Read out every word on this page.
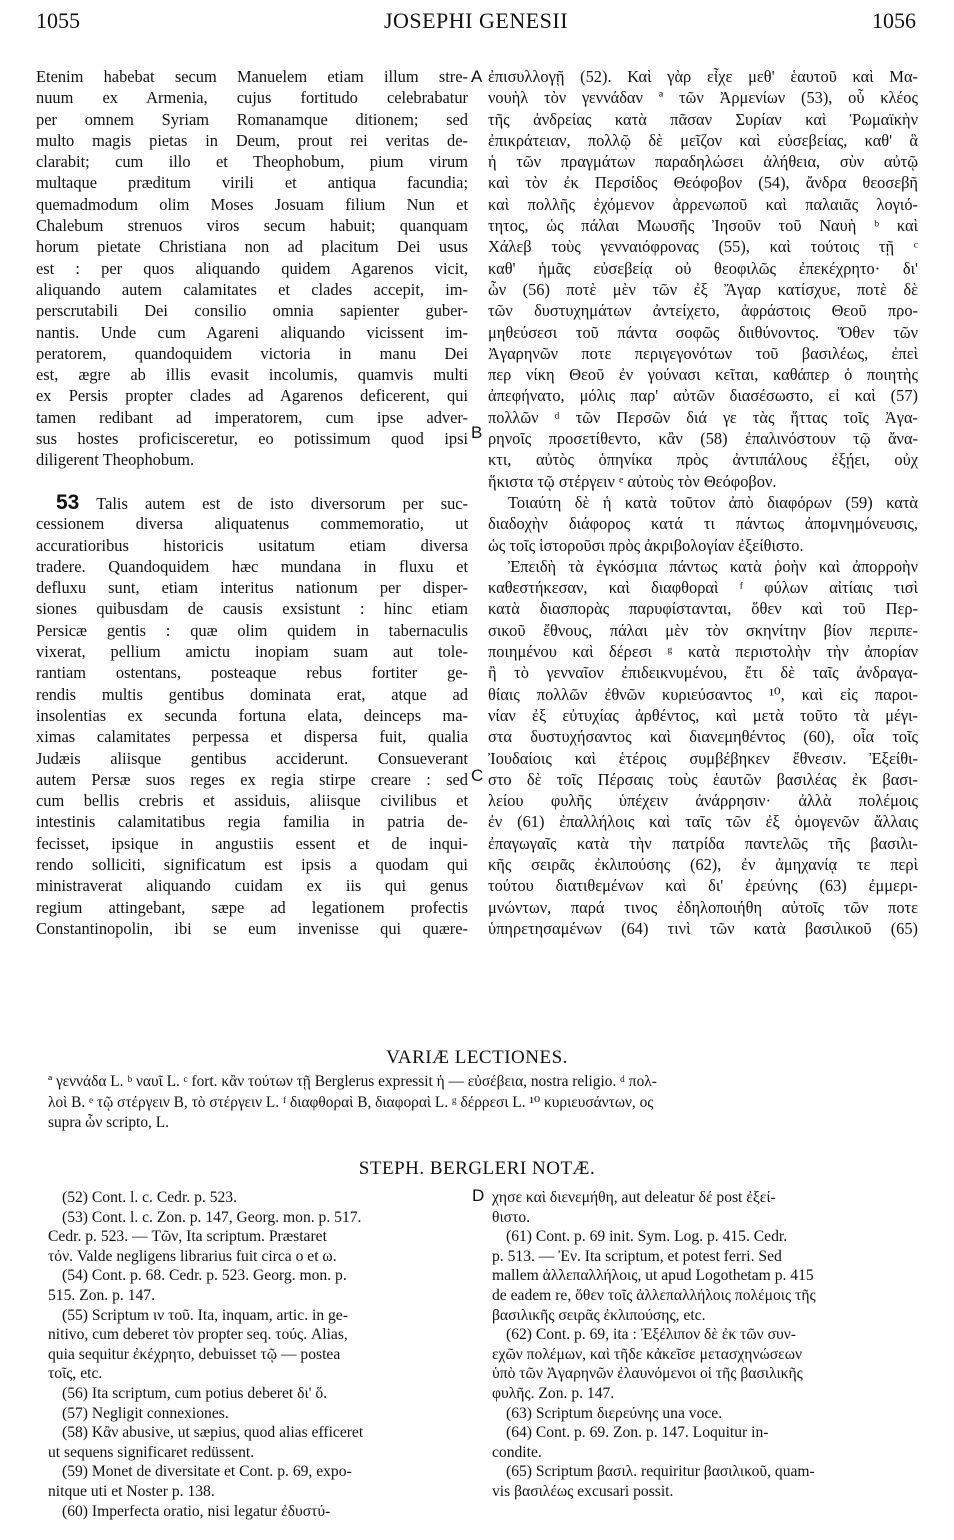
1055	JOSEPHI GENESII	1056
A
B
C
D
Etenim habebat secum Manuelem etiam illum stre-
nuum ex Armenia, cujus fortitudo celebrabatur
per omnem Syriam Romanamque ditionem; sed
multo magis pietas in Deum, prout rei veritas de-
clarabit; cum illo et Theophobum, pium virum
multaque præditum virili et antiqua facundia;
quemadmodum olim Moses Josuam filium Nun et
Chalebum strenuos viros secum habuit; quanquam
horum pietate Christiana non ad placitum Dei usus
est : per quos aliquando quidem Agarenos vicit,
aliquando autem calamitates et clades accepit, im-
perscrutabili Dei consilio omnia sapienter guber-
nantis. Unde cum Agareni aliquando vicissent im-
peratorem, quandoquidem victoria in manu Dei
est, ægre ab illis evasit incolumis, quamvis multi
ex Persis propter clades ad Agarenos deficerent, qui
tamen redibant ad imperatorem, cum ipse adver-
sus hostes proficisceretur, eo potissimum quod ipsi
diligerent Theophobum.
53 Talis autem est de isto diversorum per suc-
cessionem diversa aliquatenus commemoratio, ut
accuratioribus historicis usitatum etiam diversa
tradere. Quandoquidem hæc mundana in fluxu et
defluxu sunt, etiam interitus nationum per disper-
siones quibusdam de causis exsistunt : hinc etiam
Persicæ gentis : quæ olim quidem in tabernaculis
vixerat, pellium amictu inopiam suam aut tole-
rantiam ostentans, posteaque rebus fortiter ge-
rendis multis gentibus dominata erat, atque ad
insolentias ex secunda fortuna elata, deinceps ma-
ximas calamitates perpessa et dispersa fuit, qualia
Judæis aliisque gentibus acciderunt. Consueverant
autem Persæ suos reges ex regia stirpe creare : sed
cum bellis crebris et assiduis, aliisque civilibus et
intestinis calamitatibus regia familia in patria de-
fecisset, ipsique in angustiis essent et de inqui-
rendo solliciti, significatum est ipsis a quodam qui
ministraverat aliquando cuidam ex iis qui genus
regium attingebant, sæpe ad legationem profectis
Constantinopolin, ibi se eum invenisse qui quære-
ἐπισυλλογῇ (52). Καὶ γὰρ εἶχε μεθ' ἑαυτοῦ καὶ Μα-
νουὴλ τὸν γεννάδαν ª τῶν Ἀρμενίων (53), οὗ κλέος
τῆς ἀνδρείας κατὰ πᾶσαν Συρίαν καὶ Ῥωμαϊκὴν
ἐπικράτειαν, πολλῷ δὲ μεῖζον καὶ εὐσεβείας, καθ' ἃ
ἡ τῶν πραγμάτων παραδηλώσει ἀλήθεια, σὺν αὐτῷ
καὶ τὸν ἐκ Περσίδος Θεόφοβον (54), ἄνδρα θεοσεβῆ
καὶ πολλῆς ἐχόμενον ἀρρενωποῦ καὶ παλαιᾶς λογιό-
τητος, ὡς πάλαι Μωυσῆς Ἰησοῦν τοῦ Ναυὴ ᵇ καὶ
Χάλεβ τοὺς γενναιόφρονας (55), καὶ τούτοις τῇ ᶜ
καθ' ἡμᾶς εὐσεβείᾳ οὐ θεοφιλῶς ἐπεκέχρητο· δι'
ὧν (56) ποτὲ μὲν τῶν ἐξ Ἄγαρ κατίσχυε, ποτὲ δὲ
τῶν δυστυχημάτων ἀντείχετο, ἀφράστοις Θεοῦ προ-
μηθεύσεσι τοῦ πάντα σοφῶς διιθύνοντος. Ὅθεν τῶν
Ἀγαρηνῶν ποτε περιγεγονότων τοῦ βασιλέως, ἐπεὶ
περ νίκη Θεοῦ ἐν γούνασι κεῖται, καθάπερ ὁ ποιητὴς
ἀπεφήνατο, μόλις παρ' αὐτῶν διασέσωστο, εἰ καὶ (57)
πολλῶν ᵈ τῶν Περσῶν διά γε τὰς ἥττας τοῖς Ἀγα-
ρηνοῖς προσετίθεντο, κἂν (58) ἐπαλινόστουν τῷ ἄνα-
κτι, αὐτὸς ὁπηνίκα πρὸς ἀντιπάλους ἐξῄει, οὐχ
ἥκιστα τῷ στέργειν ᵉ αὐτοὺς τὸν Θεόφοβον.
Τοιαύτη δὲ ἡ κατὰ τοῦτον ἀπὸ διαφόρων (59) κατὰ
διαδοχὴν διάφορος κατά τι πάντως ἀπομνημόνευσις,
ὡς τοῖς ἱστοροῦσι πρὸς ἀκριβολογίαν ἐξείθιστο.
Ἐπειδὴ τὰ ἐγκόσμια πάντως κατὰ ῥοὴν καὶ ἀπορροὴν
καθεστήκεσαν, καὶ διαφθοραὶ ᶠ φύλων αἰτίαις τισὶ
κατὰ διασπορὰς παρυφίστανται, ὅθεν καὶ τοῦ Περ-
σικοῦ ἔθνους, πάλαι μὲν τὸν σκηνίτην βίον περιπε-
ποιημένου καὶ δέρεσι ᵍ κατὰ περιστολὴν τὴν ἀπορίαν
ἢ τὸ γενναῖον ἐπιδεικνυμένου, ἔτι δὲ ταῖς ἀνδραγα-
θίαις πολλῶν ἐθνῶν κυριεύσαντος ¹⁰, καὶ εἰς παροι-
νίαν ἐξ εὐτυχίας ἀρθέντος, καὶ μετὰ τοῦτο τὰ μέγι-
στα δυστυχήσαντος καὶ διανεμηθέντος (60), οἷα τοῖς
Ἰουδαίοις καὶ ἑτέροις συμβέβηκεν ἔθνεσιν. Ἐξείθι-
στο δὲ τοῖς Πέρσαις τοὺς ἑαυτῶν βασιλέας ἐκ βασι-
λείου φυλῆς ὑπέχειν ἀνάρρησιν· ἀλλὰ πολέμοις
ἐν (61) ἐπαλλήλοις καὶ ταῖς τῶν ἐξ ὁμογενῶν ἄλλαις
ἐπαγωγαῖς κατὰ τὴν πατρίδα παντελῶς τῆς βασιλι-
κῆς σειρᾶς ἐκλιπούσης (62), ἐν ἀμηχανίᾳ τε περὶ
τούτου διατιθεμένων καὶ δι' ἐρεύνης (63) ἐμμερι-
μνώντων, παρά τινος ἐδηλοποιήθη αὐτοῖς τῶν ποτε
ὑπηρετησαμένων (64) τινὶ τῶν κατὰ βασιλικοῦ (65)
VARIÆ LECTIONES.
ª γεννάδα L. ᵇ ναυῖ L. ᶜ fort. κἂν τούτων τῇ Berglerus expressit ἡ — εὐσέβεια, nostra religio. ᵈ πολ-
λοὶ B. ᵉ τῷ στέργειν B, τὸ στέργειν L. ᶠ διαφθοραὶ B, διαφοραὶ L. ᵍ δέρρεσι L. ¹⁰ κυριευσάντων, ος
supra ὧν scripto, L.
STEPH. BERGLERI NOTÆ.
(52) Cont. l. c. Cedr. p. 523.
(53) Cont. l. c. Zon. p. 147, Georg. mon. p. 517.
Cedr. p. 523. — Τῶν, Ita scriptum. Præstaret
τόν. Valde negligens librarius fuit circa ο et ω.
(54) Cont. p. 68. Cedr. p. 523. Georg. mon. p.
515. Zon. p. 147.
(55) Scriptum ιν τοῦ. Ita, inquam, artic. in ge-
nitivo, cum deberet τὸν propter seq. τούς. Alias,
quia sequitur ἐκέχρητο, debuisset τῷ — postea
τοῖς, etc.
(56) Ita scriptum, cum potius deberet δι' ὅ.
(57) Negligit connexiones.
(58) Κἂν abusive, ut sæpius, quod alias efficeret
ut sequens significaret redüssent.
(59) Monet de diversitate et Cont. p. 69, expo-
nitque uti et Noster p. 138.
(60) Imperfecta oratio, nisi legatur ἐδυστύ-
χησε καὶ διενεμήθη, aut deleatur δέ post ἐξεί-
θιστο.
(61) Cont. p. 69 init. Sym. Log. p. 415. Cedr.
p. 513. — Ἐν. Ita scriptum, et potest ferri. Sed
mallem ἀλλεπαλλήλοις, ut apud Logothetam p. 415
de eadem re, ὅθεν τοῖς ἀλλεπαλλήλοις πολέμοις τῆς
βασιλικῆς σειρᾶς ἐκλιπούσης, etc.
(62) Cont. p. 69, ita : Ἐξέλιπον δὲ ἐκ τῶν συν-
εχῶν πολέμων, καὶ τῆδε κἀκεῖσε μετασχηνώσεων
ὑπὸ τῶν Ἀγαρηνῶν ἐλαυνόμενοι οἱ τῆς βασιλικῆς
φυλῆς. Zon. p. 147.
(63) Scriptum διερεύνης una voce.
(64) Cont. p. 69. Zon. p. 147. Loquitur in-
condite.
(65) Scriptum βασιλ. requiritur βασιλικοῦ, quam-
vis βασιλέως excusari possit.
